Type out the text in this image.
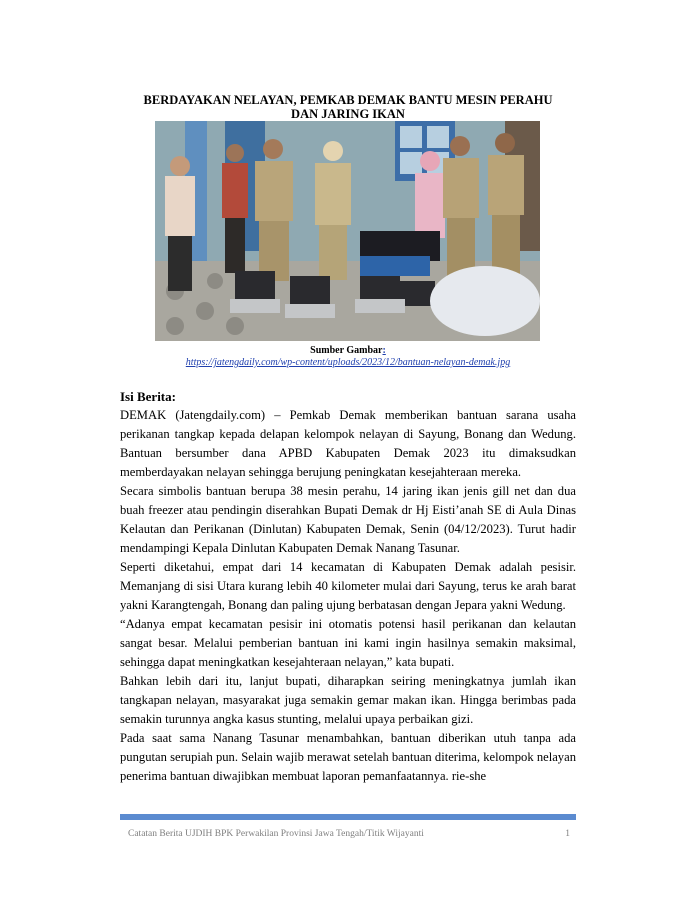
BERDAYAKAN NELAYAN, PEMKAB DEMAK BANTU MESIN PERAHU
DAN JARING IKAN
Sumber Gambar:
https://jatengdaily.com/wp-content/uploads/2023/12/bantuan-nelayan-demak.jpg
Isi Berita:

DEMAK (Jatengdaily.com) – Pemkab Demak memberikan bantuan sarana usaha perikanan tangkap kepada delapan kelompok nelayan di Sayung, Bonang dan Wedung. Bantuan bersumber dana APBD Kabupaten Demak 2023 itu dimaksudkan memberdayakan nelayan sehingga berujung peningkatan kesejahteraan mereka.

Secara simbolis bantuan berupa 38 mesin perahu, 14 jaring ikan jenis gill net dan dua buah freezer atau pendingin diserahkan Bupati Demak dr Hj Eisti’anah SE di Aula Dinas Kelautan dan Perikanan (Dinlutan) Kabupaten Demak, Senin (04/12/2023). Turut hadir mendampingi Kepala Dinlutan Kabupaten Demak Nanang Tasunar.

Seperti diketahui, empat dari 14 kecamatan di Kabupaten Demak adalah pesisir. Memanjang di sisi Utara kurang lebih 40 kilometer mulai dari Sayung, terus ke arah barat yakni Karangtengah, Bonang dan paling ujung berbatasan dengan Jepara yakni Wedung.

“Adanya empat kecamatan pesisir ini otomatis potensi hasil perikanan dan kelautan sangat besar. Melalui pemberian bantuan ini kami ingin hasilnya semakin maksimal, sehingga dapat meningkatkan kesejahteraan nelayan,” kata bupati.

Bahkan lebih dari itu, lanjut bupati, diharapkan seiring meningkatnya jumlah ikan tangkapan nelayan, masyarakat juga semakin gemar makan ikan. Hingga berimbas pada semakin turunnya angka kasus stunting, melalui upaya perbaikan gizi.

Pada saat sama Nanang Tasunar menambahkan, bantuan diberikan utuh tanpa ada pungutan serupiah pun. Selain wajib merawat setelah bantuan diterima, kelompok nelayan penerima bantuan diwajibkan membuat laporan pemanfaatannya. rie-she

Catatan Berita UJDIH BPK Perwakilan Provinsi Jawa Tengah/Titik Wijayanti	1
